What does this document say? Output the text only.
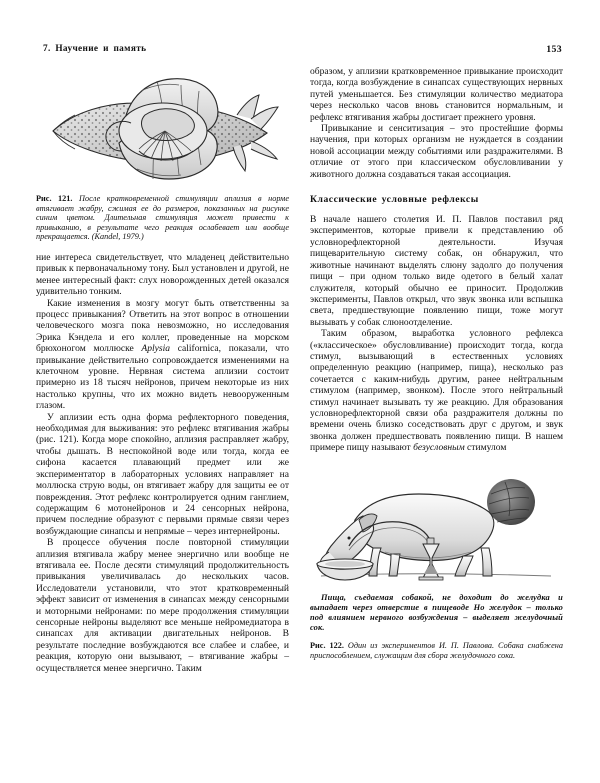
7. Научение и память	153

Рис. 121. После кратковременной стимуляции аплизия в норме втягивает жабру, сжимая ее до размеров, показанных на рисунке синим цветом. Длительная стимуляция может привести к привыканию, в результате чего реакция ослабевает или вообще прекращается. (Kandel, 1979.)

ние интереса свидетельствует, что младенец действительно привык к первоначальному тону. Был установлен и другой, не менее интересный факт: слух новорожденных детей оказался удивительно тонким.

Какие изменения в мозгу могут быть ответственны за процесс привыкания? Ответить на этот вопрос в отношении человеческого мозга пока невозможно, но исследования Эрика Кэндела и его коллег, проведенные на морском брюхоногом моллюске Aplysia californica, показали, что привыкание действительно сопровождается изменениями на клеточном уровне. Нервная система аплизии состоит примерно из 18 тысяч нейронов, причем некоторые из них настолько крупны, что их можно видеть невооруженным глазом.

У аплизии есть одна форма рефлекторного поведения, необходимая для выживания: это рефлекс втягивания жабры (рис. 121). Когда море спокойно, аплизия расправляет жабру, чтобы дышать. В неспокойной воде или тогда, когда ее сифона касается плавающий предмет или же экспериментатор в лабораторных условиях направляет на моллюска струю воды, он втягивает жабру для защиты ее от повреждения. Этот рефлекс контролируется одним ганглием, содержащим 6 мотонейронов и 24 сенсорных нейрона, причем последние образуют с первыми прямые связи через возбуждающие синапсы и непрямые – через интернейроны.

В процессе обучения после повторной стимуляции аплизия втягивала жабру менее энергично или вообще не втягивала ее. После десяти стимуляций продолжительность привыкания увеличивалась до нескольких часов. Исследователи установили, что этот кратковременный эффект зависит от изменения в синапсах между сенсорными и моторными нейронами: по мере продолжения стимуляции сенсорные нейроны выделяют все меньше нейромедиатора в синапсах для активации двигательных нейронов. В результате последние возбуждаются все слабее и слабее, и реакция, которую они вызывают, – втягивание жабры – осуществляется менее энергично. Таким

образом, у аплизии кратковременное привыкание происходит тогда, когда возбуждение в синапсах существующих нервных путей уменьшается. Без стимуляции количество медиатора через несколько часов вновь становится нормальным, и рефлекс втягивания жабры достигает прежнего уровня.

Привыкание и сенситизация – это простейшие формы научения, при которых организм не нуждается в создании новой ассоциации между событиями или раздражителями. В отличие от этого при классическом обусловливании у животного должна создаваться такая ассоциация.

Классические условные рефлексы

В начале нашего столетия И. П. Павлов поставил ряд экспериментов, которые привели к представлению об условнорефлекторной деятельности. Изучая пищеварительную систему собак, он обнаружил, что животные начинают выделять слюну задолго до получения пищи – при одном только виде одетого в белый халат служителя, который обычно ее приносит. Продолжив эксперименты, Павлов открыл, что звук звонка или вспышка света, предшествующие появлению пищи, тоже могут вызывать у собак слюноотделение.

Таким образом, выработка условного рефлекса («классическое» обусловливание) происходит тогда, когда стимул, вызывающий в естественных условиях определенную реакцию (например, пища), несколько раз сочетается с каким-нибудь другим, ранее нейтральным стимулом (например, звонком). После этого нейтральный стимул начинает вызывать ту же реакцию. Для образования условнорефлекторной связи оба раздражителя должны по времени очень близко соседствовать друг с другом, и звук звонка должен предшествовать появлению пищи. В нашем примере пищу называют безусловным стимулом

Пища, съедаемая собакой, не доходит до желудка и выпадает через отверстие в пищеводе Но желудок – только под влиянием нервного возбуждения – выделяет желудочный сок.

Рис. 122. Один из экспериментов И. П. Павлова. Собака снабжена приспособлением, служащим для сбора желудочного сока.
